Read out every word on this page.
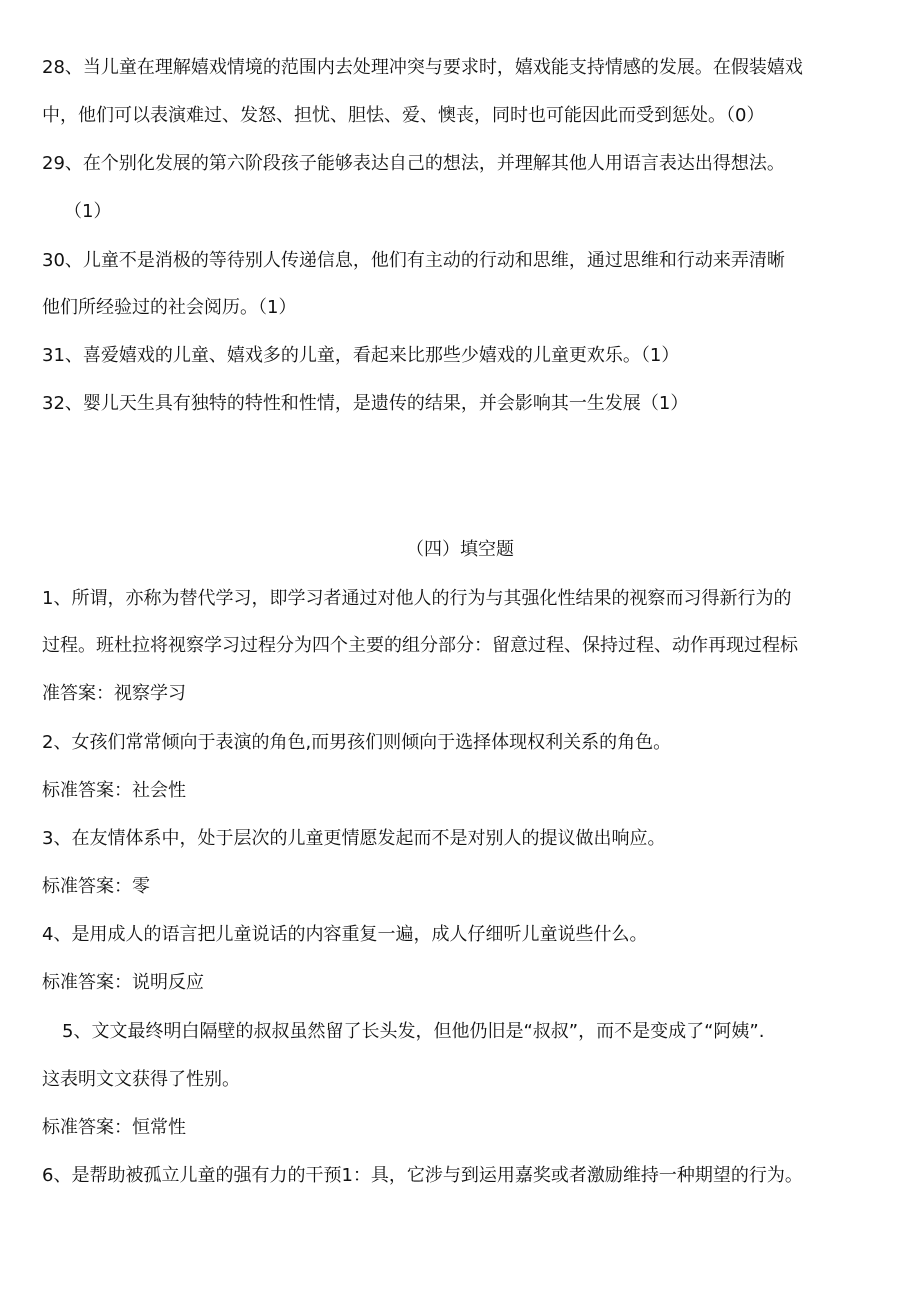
28、当儿童在理解嬉戏情境的范围内去处理冲突与要求时，嬉戏能支持情感的发展。在假装嬉戏
中，他们可以表演难过、发怒、担忧、胆怯、爱、懊丧，同时也可能因此而受到惩处。（0）
29、在个别化发展的第六阶段孩子能够表达自己的想法，并理解其他人用语言表达出得想法。
（1）
30、儿童不是消极的等待别人传递信息，他们有主动的行动和思维，通过思维和行动来弄清晰
他们所经验过的社会阅历。（1）
31、喜爱嬉戏的儿童、嬉戏多的儿童，看起来比那些少嬉戏的儿童更欢乐。（1）
32、婴儿天生具有独特的特性和性情，是遗传的结果，并会影响其一生发展（1）
（四）填空题
1、所谓，亦称为替代学习，即学习者通过对他人的行为与其强化性结果的视察而习得新行为的
过程。班杜拉将视察学习过程分为四个主要的组分部分：留意过程、保持过程、动作再现过程标
准答案：视察学习
2、女孩们常常倾向于表演的角色,而男孩们则倾向于选择体现权利关系的角色。
标准答案：社会性
3、在友情体系中，处于层次的儿童更情愿发起而不是对别人的提议做出响应。
标准答案：零
4、是用成人的语言把儿童说话的内容重复一遍，成人仔细听儿童说些什么。
标准答案：说明反应
5、文文最终明白隔壁的叔叔虽然留了长头发，但他仍旧是“叔叔”，而不是变成了“阿姨”.
这表明文文获得了性别。
标准答案：恒常性
6、是帮助被孤立儿童的强有力的干预1：具，它涉与到运用嘉奖或者激励维持一种期望的行为。
